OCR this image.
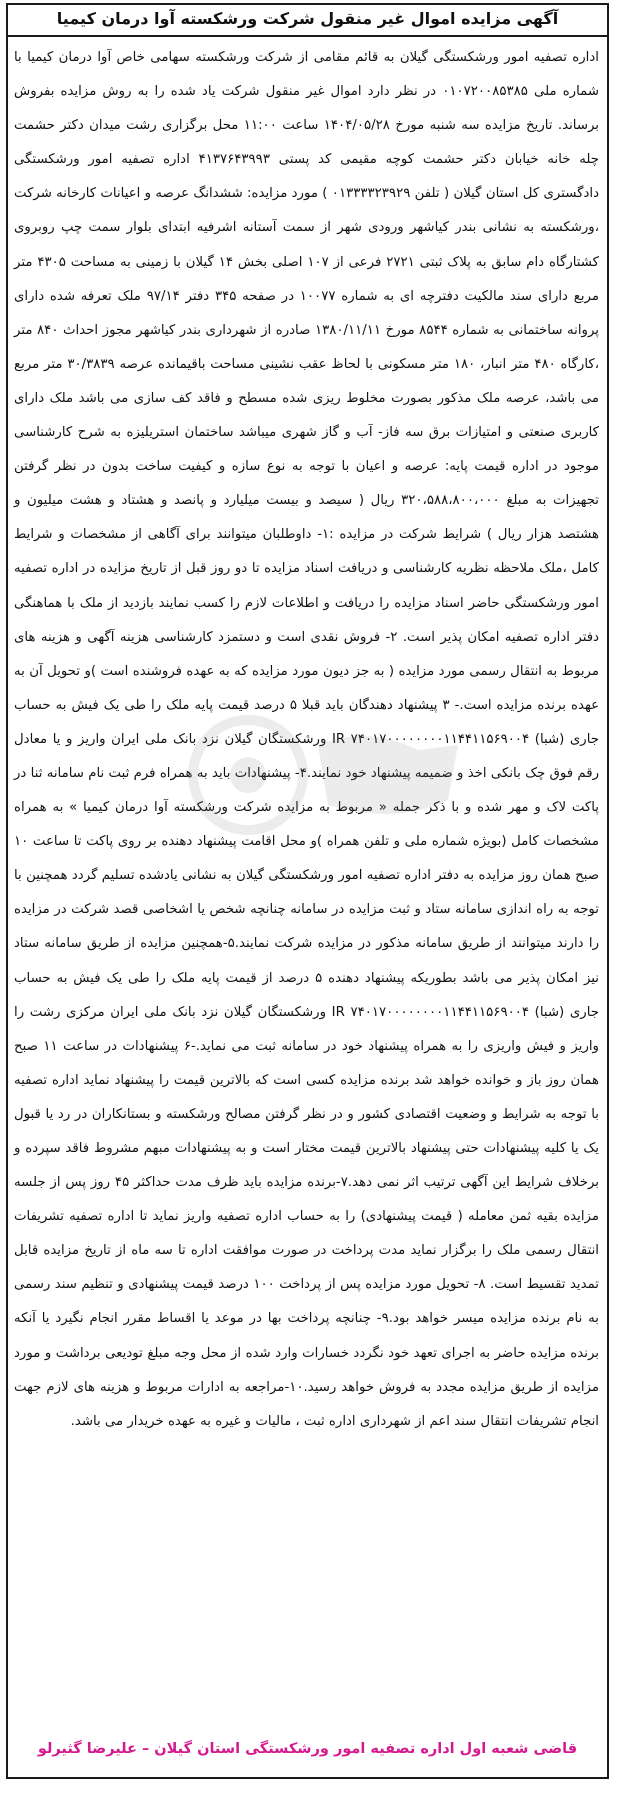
آگهی مزایده اموال غیر منقول شرکت ورشکسته آوا درمان کیمیا
اداره تصفیه امور ورشکستگی گیلان به قائم مقامی از شرکت ورشکسته سهامی خاص آوا درمان کیمیا با شماره ملی ۰۱۰۷۲۰۰۸۵۳۸۵ در نظر دارد اموال غیر منقول شرکت یاد شده را به روش مزایده بفروش برساند. تاریخ مزایده سه شنبه مورخ ۱۴۰۴/۰۵/۲۸ ساعت ۱۱:۰۰ محل برگزاری رشت میدان دکتر حشمت چله خانه خیابان دکتر حشمت کوچه مقیمی کد پستی ۴۱۳۷۶۴۳۹۹۳ اداره تصفیه امور ورشکستگی دادگستری کل استان گیلان ( تلفن ۰۱۳۳۳۳۲۳۹۲۹ ) مورد مزایده: ششدانگ عرصه و اعیانات کارخانه شرکت ،ورشکسته به نشانی بندر کیاشهر ورودی شهر از سمت آستانه اشرفیه ابتدای بلوار سمت چپ روبروی کشتارگاه دام سابق به پلاک ثبتی ۲۷۲۱ فرعی از ۱۰۷ اصلی بخش ۱۴ گیلان با زمینی به مساحت ۴۳۰۵ متر مربع دارای سند مالکیت دفترچه ای به شماره ۱۰۰۷۷ در صفحه ۳۴۵ دفتر ۹۷/۱۴ ملک تعرفه شده دارای پروانه ساختمانی به شماره ۸۵۴۴ مورخ ۱۳۸۰/۱۱/۱۱ صادره از شهرداری بندر کیاشهر مجوز احداث ۸۴۰ متر ،کارگاه ۴۸۰ متر انبار، ۱۸۰ متر مسکونی با لحاظ عقب نشینی مساحت باقیمانده عرصه ۳۰/۳۸۳۹ متر مربع می باشد، عرصه ملک مذکور بصورت مخلوط ریزی شده مسطح و فاقد کف سازی می باشد ملک دارای کاربری صنعتی و امتیازات برق سه فاز- آب و گاز شهری میباشد ساختمان استریلیزه به شرح کارشناسی موجود در اداره قیمت پایه: عرصه و اعیان با توجه به نوع سازه و کیفیت ساخت بدون در نظر گرفتن تجهیزات به مبلغ ۳۲۰،۵۸۸،۸۰۰،۰۰۰ ریال ( سیصد و بیست میلیارد و پانصد و هشتاد و هشت میلیون و هشتصد هزار ریال ) شرایط شرکت در مزایده :۱- داوطلبان میتوانند برای آگاهی از مشخصات و شرایط کامل ،ملک ملاحظه نظریه کارشناسی و دریافت اسناد مزایده تا دو روز قبل از تاریخ مزایده در اداره تصفیه امور ورشکستگی حاضر اسناد مزایده را دریافت و اطلاعات لازم را کسب نمایند بازدید از ملک با هماهنگی دفتر اداره تصفیه امکان پذیر است. ۲- فروش نقدی است و دستمزد کارشناسی هزینه آگهی و هزینه های مربوط به انتقال رسمی مورد مزایده ( به جز دیون مورد مزایده که به عهده فروشنده است )و تحویل آن به عهده برنده مزایده است.- ۳ پیشنهاد دهندگان باید قبلا ۵ درصد قیمت پایه ملک را طی یک فیش به حساب جاری (شبا) IR ۷۴۰۱۷۰۰۰۰۰۰۰۰۱۱۴۴۱۱۵۶۹۰۰۴ ورشکستگان گیلان نزد بانک ملی ایران واریز و یا معادل رقم فوق چک بانکی اخذ و ضمیمه پیشنهاد خود نمایند.۴- پیشنهادات باید به همراه فرم ثبت نام سامانه ثنا در پاکت لاک و مهر شده و با ذکر جمله « مربوط به مزایده شرکت ورشکسته آوا درمان کیمیا » به همراه مشخصات کامل (بویژه شماره ملی و تلفن همراه )و محل اقامت پیشنهاد دهنده بر روی پاکت تا ساعت ۱۰ صبح همان روز مزایده به دفتر اداره تصفیه امور ورشکستگی گیلان به نشانی یادشده تسلیم گردد همچنین با توجه به راه اندازی سامانه ستاد و ثبت مزایده در سامانه چنانچه شخص یا اشخاصی قصد شرکت در مزایده را دارند میتوانند از طریق سامانه مذکور در مزایده شرکت نمایند.۵-همچنین مزایده از طریق سامانه ستاد نیز امکان پذیر می باشد بطوریکه پیشنهاد دهنده ۵ درصد از قیمت پایه ملک را طی یک فیش به حساب جاری (شبا) IR ۷۴۰۱۷۰۰۰۰۰۰۰۰۱۱۴۴۱۱۵۶۹۰۰۴ ورشکستگان گیلان نزد بانک ملی ایران مرکزی رشت را واریز و فیش واریزی را به همراه پیشنهاد خود در سامانه ثبت می نماید.-۶ پیشنهادات در ساعت ۱۱ صبح همان روز باز و خوانده خواهد شد برنده مزایده کسی است که بالاترین قیمت را پیشنهاد نماید اداره تصفیه با توجه به شرایط و وضعیت اقتصادی کشور و در نظر گرفتن مصالح ورشکسته و بستانکاران در رد یا قبول یک یا کلیه پیشنهادات حتی پیشنهاد بالاترین قیمت مختار است و به پیشنهادات مبهم مشروط فاقد سپرده و برخلاف شرایط این آگهی ترتیب اثر نمی دهد.۷-برنده مزایده باید ظرف مدت حداکثر ۴۵ روز پس از جلسه مزایده بقیه ثمن معامله ( قیمت پیشنهادی) را به حساب اداره تصفیه واریز نماید تا اداره تصفیه تشریفات انتقال رسمی ملک را برگزار نماید مدت پرداخت در صورت موافقت اداره تا سه ماه از تاریخ مزایده قابل تمدید تقسیط است. ۸- تحویل مورد مزایده پس از پرداخت ۱۰۰ درصد قیمت پیشنهادی و تنظیم سند رسمی به نام برنده مزایده میسر خواهد بود.۹- چنانچه پرداخت بها در موعد یا اقساط مقرر انجام نگیرد یا آنکه برنده مزایده حاضر به اجرای تعهد خود نگردد خسارات وارد شده از محل وجه مبلغ تودیعی برداشت و مورد مزایده از طریق مزایده مجدد به فروش خواهد رسید.۱۰-مراجعه به ادارات مربوط و هزینه های لازم جهت انجام تشریفات انتقال سند اعم از شهرداری اداره ثبت ، مالیات و غیره به عهده خریدار می باشد.
قاضی شعبه اول اداره تصفیه امور ورشکستگی استان گیلان – علیرضا گثیرلو
